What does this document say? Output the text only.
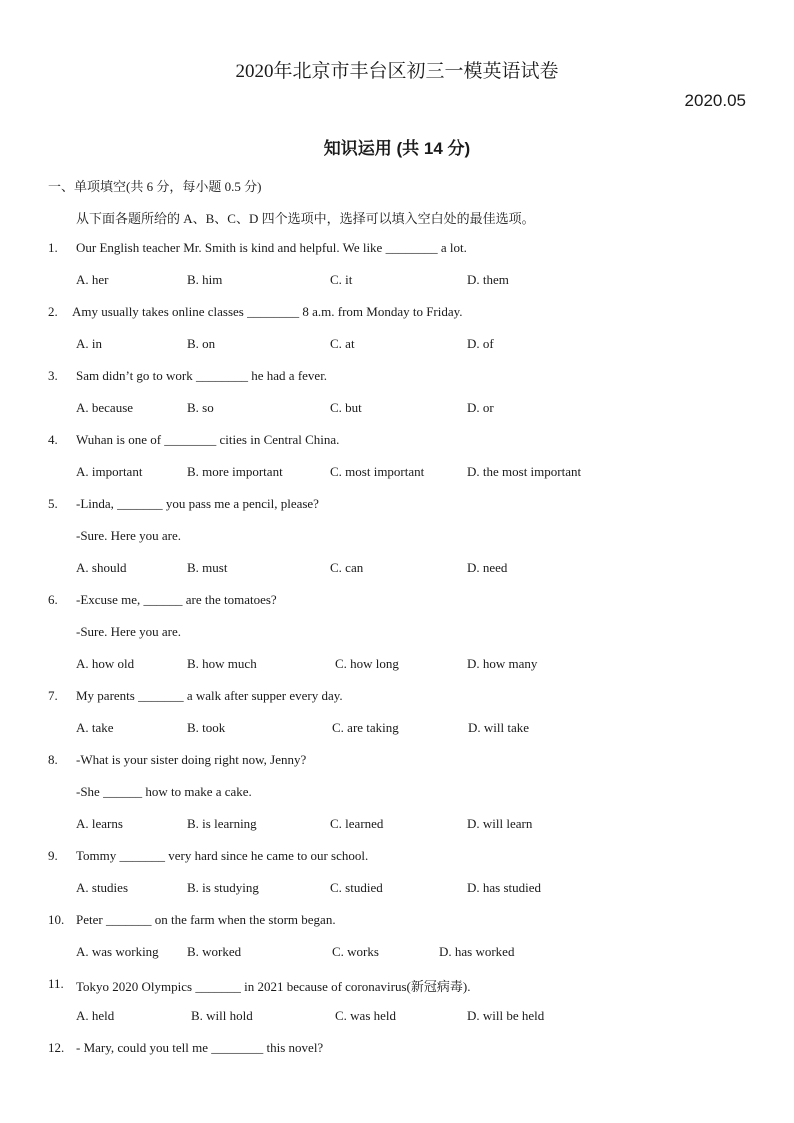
2020年北京市丰台区初三一模英语试卷
2020.05
知识运用 (共 14 分)
一、单项填空(共 6 分，每小题 0.5 分)
从下面各题所给的 A、B、C、D 四个选项中，选择可以填入空白处的最佳选项。
1. Our English teacher Mr. Smith is kind and helpful. We like ________ a lot.
A. her	B. him	C. it	D. them
2. Amy usually takes online classes ________ 8 a.m. from Monday to Friday.
A. in	B. on	C. at	D. of
3. Sam didn’t go to work ________ he had a fever.
A. because	B. so	C. but	D. or
4. Wuhan is one of ________ cities in Central China.
A. important	B. more important	C. most important	D. the most important
5. -Linda, _______ you pass me a pencil, please?
-Sure. Here you are.
A. should	B. must	C. can	D. need
6. -Excuse me, ______ are the tomatoes?
-Sure. Here you are.
A. how old	B. how much	C. how long	D. how many
7. My parents _______ a walk after supper every day.
A. take	B. took	C. are taking	D. will take
8. -What is your sister doing right now, Jenny?
-She ______ how to make a cake.
A. learns	B. is learning	C. learned	D. will learn
9. Tommy _______ very hard since he came to our school.
A. studies	B. is studying	C. studied	D. has studied
10. Peter _______ on the farm when the storm began.
A. was working B. worked	C. works	D. has worked
11. Tokyo 2020 Olympics _______ in 2021 because of coronavirus(新冠病毒).
A. held	B. will hold	C. was held	D. will be held
12. - Mary, could you tell me ________ this novel?
